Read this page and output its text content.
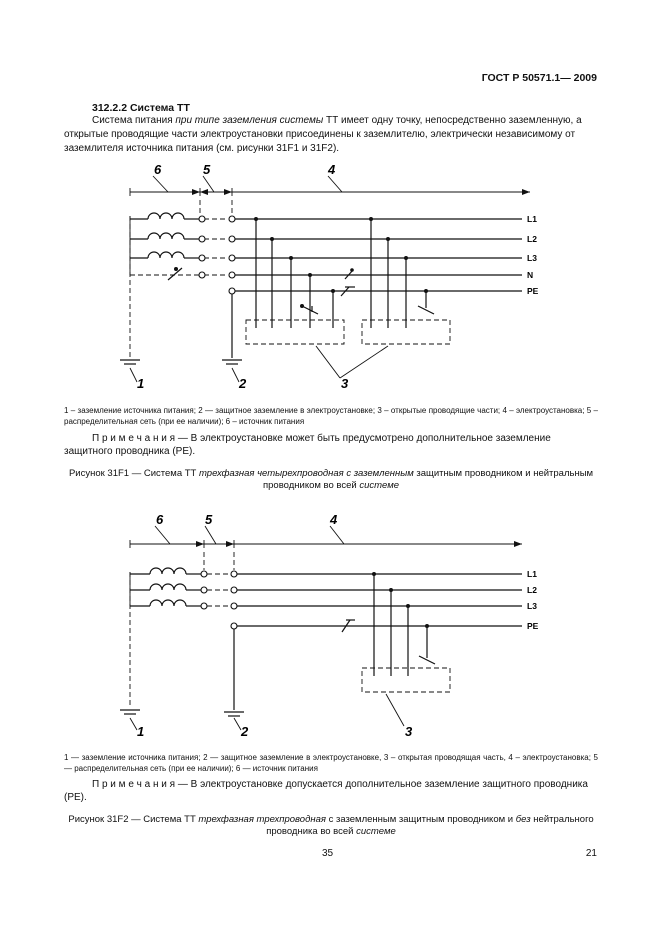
ГОСТ Р 50571.1— 2009
312.2.2 Система ТТ
Система питания при типе заземления системы ТТ имеет одну точку, непосредственно заземленную, а открытые проводящие части электроустановки присоединены к заземлителю, электрически независимому от заземлителя источника питания (см. рисунки 31F1 и 31F2).
6	5	4
1	2	3
L1
L2
L3
N
PE
1 – заземление источника питания; 2 — защитное заземление в электроустановке; 3 – открытые проводящие части; 4 – электроустановка; 5 – распределительная сеть (при ее наличии); 6 – источник питания
П р и м е ч а н и я — В электроустановке может быть предусмотрено дополнительное заземление защитного проводника (РЕ).
Рисунок 31F1 — Система ТТ трехфазная четырехпроводная с заземленным защитным проводником и нейтральным проводником во всей системе
6	5	4
1	2	3
L1
L2
L3
PE
1 — заземление источника питания; 2 — защитное заземление в электроустановке, 3 – открытая проводящая часть, 4 – электроустановка; 5 — распределительная сеть (при ее наличии); 6 — источник питания
П р и м е ч а н и я — В электроустановке допускается дополнительное заземление защитного проводника (РЕ).
Рисунок 31F2 — Система ТТ трехфазная трехпроводная с заземленным защитным проводником и без нейтрального проводника во всей системе
35	21
